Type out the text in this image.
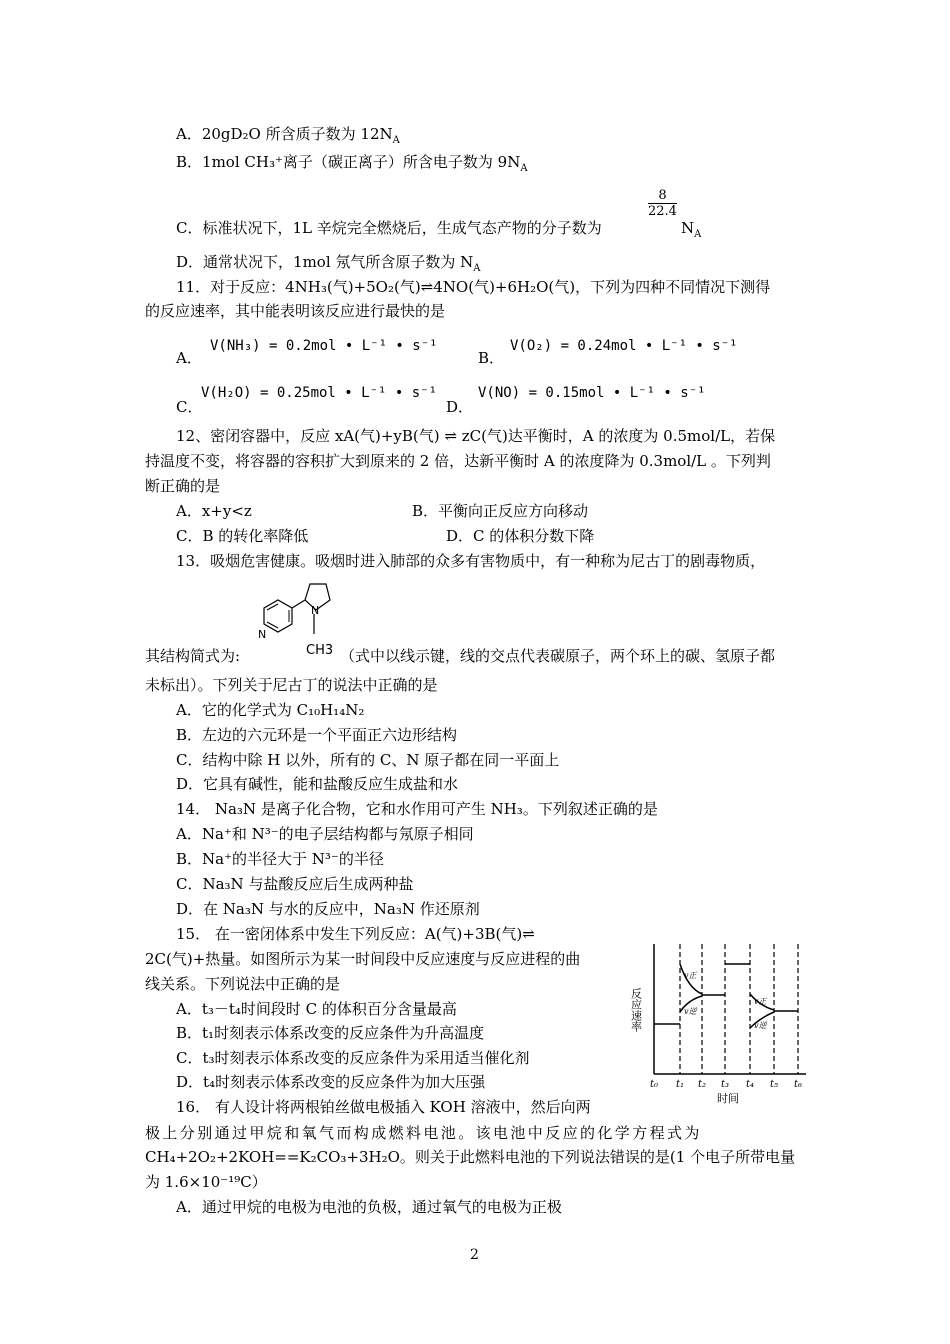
A．20gD₂O 所含质子数为 $12N_A$
B．1mol CH₃⁺离子（碳正离子）所含电子数为 $9N_A$
C．标准状况下，1L 辛烷完全燃烧后，生成气态产物的分子数为
$\frac{8}{22.4}$
$N_A$
D．通常状况下，1mol 氖气所含原子数为 $N_A$
11．对于反应：4NH₃(气)+5O₂(气)⇌4NO(气)+6H₂O(气)，下列为四种不同情况下测得
的反应速率，其中能表明该反应进行最快的是
A．
V(NH₃) = 0.2mol • L⁻¹ • s⁻¹
B．
V(O₂) = 0.24mol • L⁻¹ • s⁻¹
C．
V(H₂O) = 0.25mol • L⁻¹ • s⁻¹
D．
V(NO) = 0.15mol • L⁻¹ • s⁻¹
12、密闭容器中，反应 xA(气)+yB(气) ⇌ zC(气)达平衡时，A 的浓度为 0.5mol/L，若保
持温度不变，将容器的容积扩大到原来的 2 倍，达新平衡时 A 的浓度降为 0.3mol/L 。下列判
断正确的是
A．x+y<z	B．平衡向正反应方向移动
C．B 的转化率降低	D．C 的体积分数下降
13．吸烟危害健康。吸烟时进入肺部的众多有害物质中，有一种称为尼古丁的剧毒物质，
N
N
CH3
其结构简式为:	（式中以线示键，线的交点代表碳原子，两个环上的碳、氢原子都
未标出）。下列关于尼古丁的说法中正确的是
A．它的化学式为 C₁₀H₁₄N₂
B．左边的六元环是一个平面正六边形结构
C．结构中除 H 以外，所有的 C、N 原子都在同一平面上
D．它具有碱性，能和盐酸反应生成盐和水
14． Na₃N 是离子化合物，它和水作用可产生 NH₃。下列叙述正确的是
A．Na⁺和 N³⁻的电子层结构都与氖原子相同
B．Na⁺的半径大于 N³⁻的半径
C．Na₃N 与盐酸反应后生成两种盐
D．在 Na₃N 与水的反应中，Na₃N 作还原剂
15． 在一密闭体系中发生下列反应：A(气)+3B(气)⇌
2C(气)+热量。如图所示为某一时间段中反应速度与反应进程的曲
线关系。下列说法中正确的是
A．t₃－t₄时间段时 C 的体积百分含量最高
B．t₁时刻表示体系改变的反应条件为升高温度
C．t₃时刻表示体系改变的反应条件为采用适当催化剂
D．t₄时刻表示体系改变的反应条件为加大压强
v正
v逆
v正
v逆
反应速率
t₀ t₁ t₂ t₃ t₄ t₅ t₆
时间
16． 有人设计将两根铂丝做电极插入 KOH 溶液中，然后向两
极上分别通过甲烷和氧气而构成燃料电池。该电池中反应的化学方程式为
CH₄+2O₂+2KOH==K₂CO₃+3H₂O。则关于此燃料电池的下列说法错误的是(1 个电子所带电量
为 1.6×10⁻¹⁹C）
A．通过甲烷的电极为电池的负极，通过氧气的电极为正极
2
